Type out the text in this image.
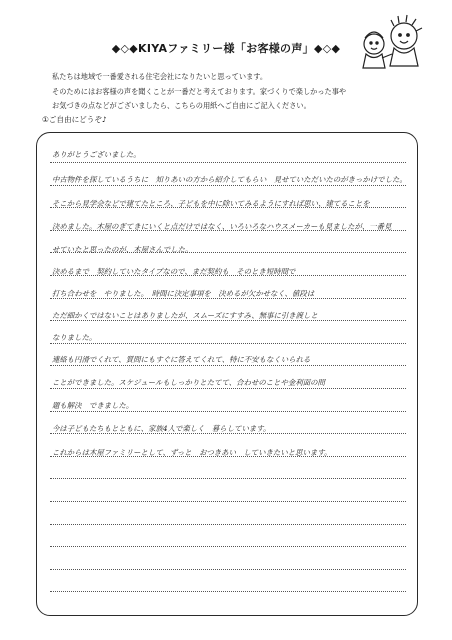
◆◇◆KIYAファミリー様「お客様の声」◆◇◆
私たちは地域で一番愛される住宅会社になりたいと思っています。
そのためにはお客様の声を聞くことが一番だと考えております。家づくりで楽しかった事や
お気づきの点などがございましたら、こちらの用紙へご自由にご記入ください。
①ご自由にどうぞ♪
ありがとうございました。
中古物件を探しているうちに　知りあいの方から紹介してもらい　見せていただいたのがきっかけでした。
そこから見学会などで建てたところ、子どもを中に除いてみるようにすれば思い、建てることを
決めました。木屋のぎてきにいくと点だけではなく、いろいろなハウスメーカーも見ましたが、一番見
せていたと思ったのが、木屋さんでした。
決めるまで　契約していたタイプなので、まだ契約も　そのとき短時間で
打ち合わせを　やりました。　時間に決定事項を　決めるが欠かせなく、値段は
ただ細かくではないことはありましたが、スムーズにすすみ、無事に引き渡しと
なりました。
連絡も円滑でくれて、質問にもすぐに答えてくれて、特に不安もなくいられる
ことができました。スケジュールもしっかりとたてて、合わせのことや金利面の問
題も解決　できました。
今は子どもたちもとともに、家族4人で楽しく　暮らしています。
これからは木屋ファミリーとして、ずっと　おつきあい　していきたいと思います。
